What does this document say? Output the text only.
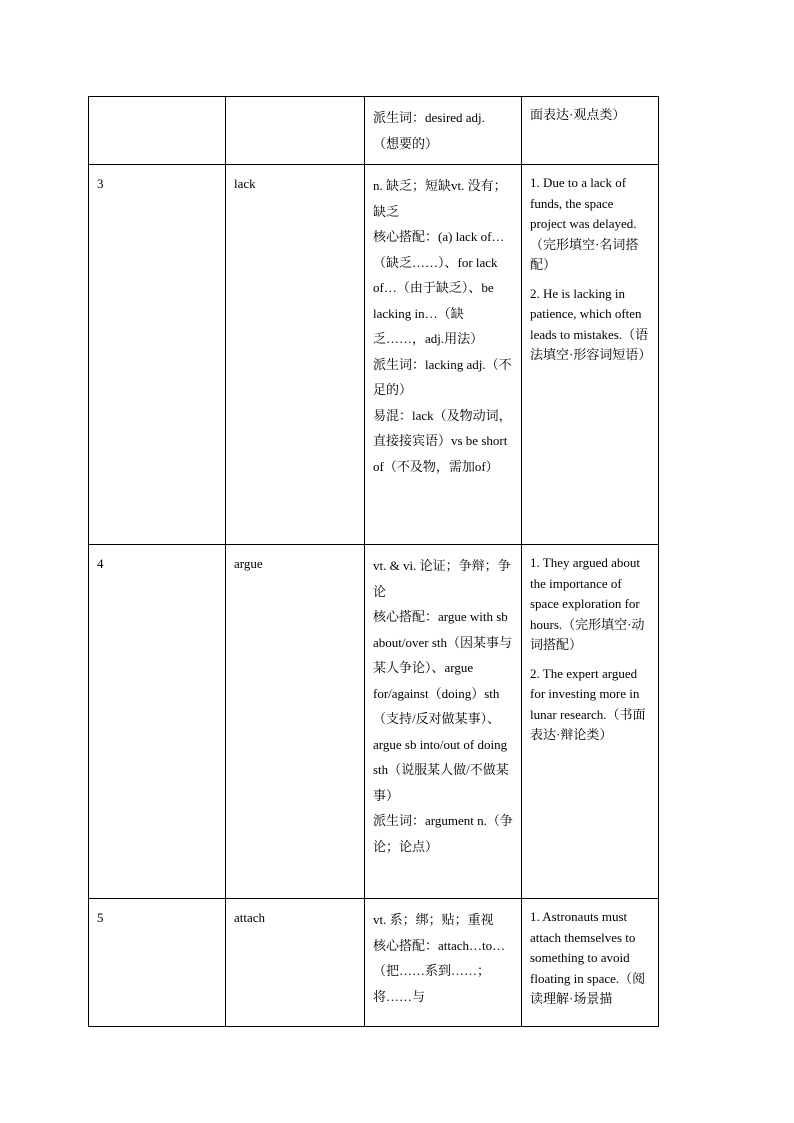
		派生词：desired adj.
（想要的）	面表达·观点类）

3	lack	n. 缺乏；短缺vt. 没有；缺乏
核心搭配：(a) lack of…（缺乏……）、for lack of…（由于缺乏）、be lacking in…（缺乏……，adj.用法）
派生词：lacking adj.（不足的）
易混：lack（及物动词，直接接宾语）vs be short of（不及物，需加of）	1. Due to a lack of funds, the space project was delayed.（完形填空·名词搭配）
2. He is lacking in patience, which often leads to mistakes.（语法填空·形容词短语）

4	argue	vt. & vi. 论证；争辩；争论
核心搭配：argue with sb about/over sth（因某事与某人争论）、argue for/against（doing）sth（支持/反对做某事）、argue sb into/out of doing sth（说服某人做/不做某事）
派生词：argument n.（争论；论点）	1. They argued about the importance of space exploration for hours.（完形填空·动词搭配）
2. The expert argued for investing more in lunar research.（书面表达·辩论类）

5	attach	vt. 系；绑；贴；重视
核心搭配：attach…to…（把……系到……；将……与	1. Astronauts must attach themselves to something to avoid floating in space.（阅读理解·场景描
